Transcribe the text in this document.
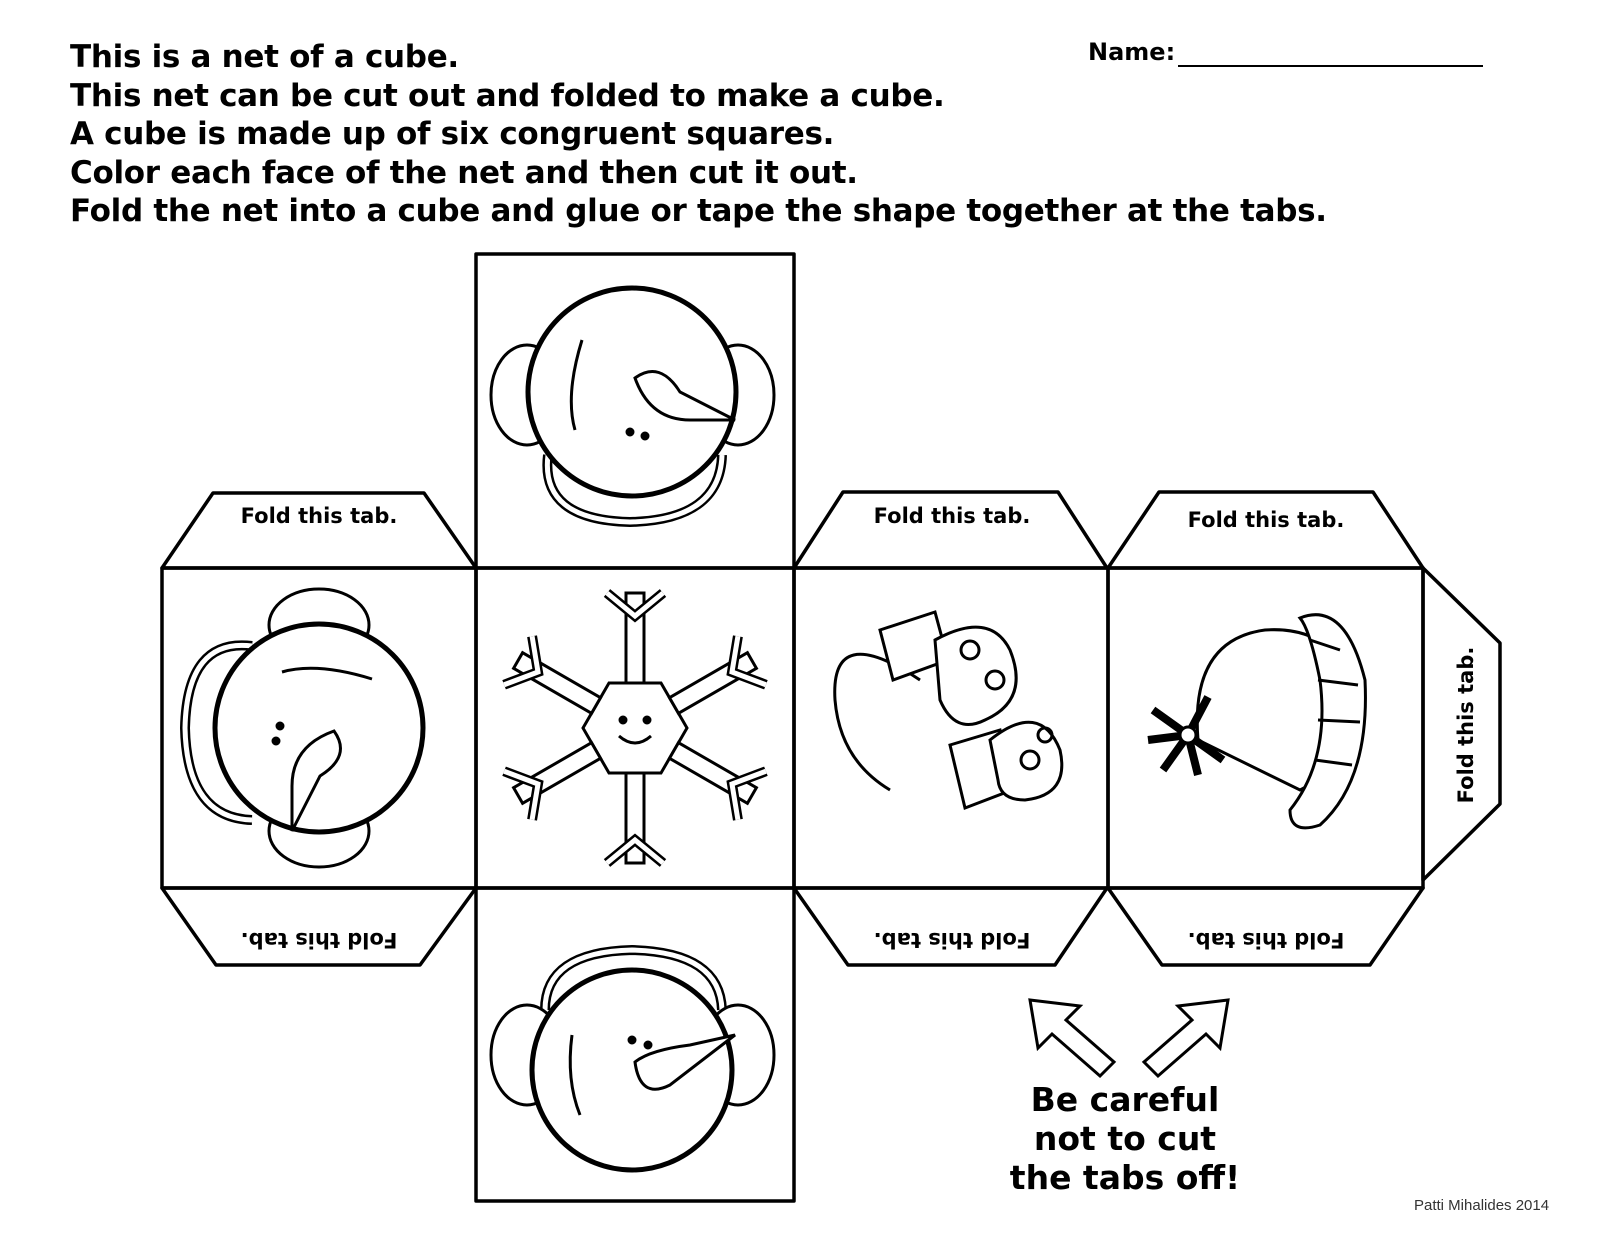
This is a net of a cube.
This net can be cut out and folded to make a cube.
A cube is made up of six congruent squares.
Color each face of the net and then cut it out.
Fold the net into a cube and glue or tape the shape together at the tabs.
Name:
Fold this tab.	Fold this tab.	Fold this tab.
Fold this tab.
Fold this tab.	Fold this tab.	Fold this tab.
Be careful
not to cut
the tabs off!
Patti Mihalides 2014
